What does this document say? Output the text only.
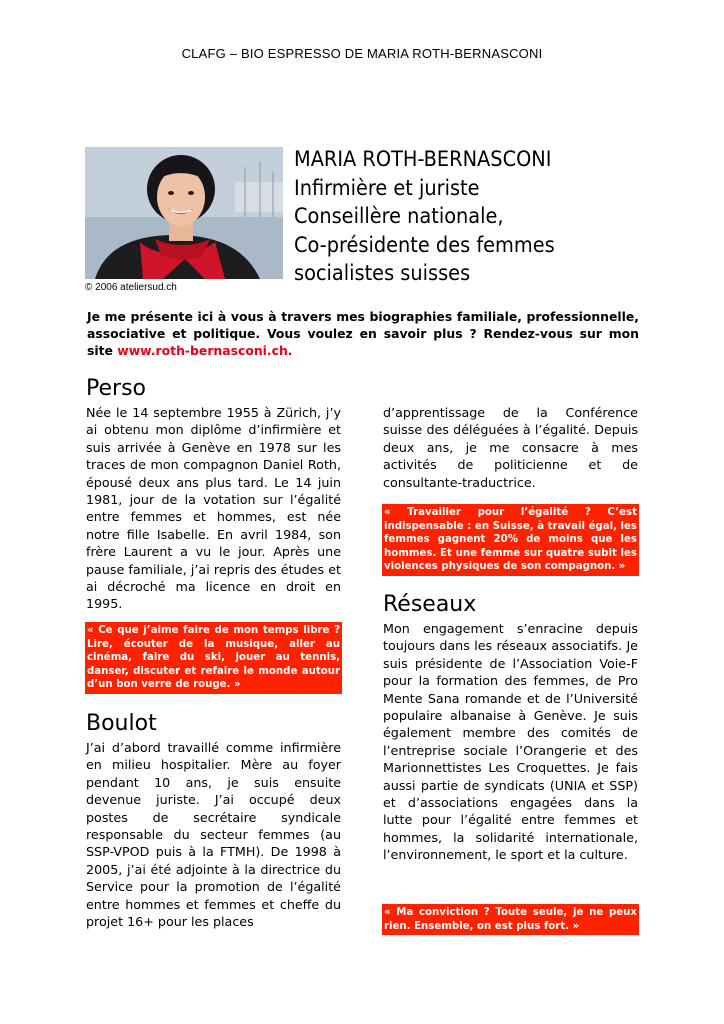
CLAFG – BIO ESPRESSO DE MARIA ROTH-BERNASCONI
© 2006 ateliersud.ch
MARIA ROTH-BERNASCONI
Infirmière et juriste
Conseillère nationale,
Co-présidente des femmes
socialistes suisses
Je me présente ici à vous à travers mes biographies familiale, professionnelle, associative et politique. Vous voulez en savoir plus ? Rendez-vous sur mon site www.roth-bernasconi.ch.
Perso
Née le 14 septembre 1955 à Zürich, j’y ai obtenu mon diplôme d’infirmière et suis arrivée à Genève en 1978 sur les traces de mon compagnon Daniel Roth, épousé deux ans plus tard. Le 14 juin 1981, jour de la votation sur l’égalité entre femmes et hommes, est née notre fille Isabelle. En avril 1984, son frère Laurent a vu le jour. Après une pause familiale, j’ai repris des études et ai décroché ma licence en droit en 1995.
« Ce que j’aime faire de mon temps libre ? Lire, écouter de la musique, aller au cinéma, faire du ski, jouer au tennis, danser, discuter et refaire le monde autour d’un bon verre de rouge. »
Boulot
J’ai d’abord travaillé comme infirmière en milieu hospitalier. Mère au foyer pendant 10 ans, je suis ensuite devenue juriste. J’ai occupé deux postes de secrétaire syndicale responsable du secteur femmes (au SSP-VPOD puis à la FTMH). De 1998 à 2005, j’ai été adjointe à la directrice du Service pour la promotion de l’égalité entre hommes et femmes et cheffe du projet 16+ pour les places
d’apprentissage de la Conférence suisse des déléguées à l’égalité. Depuis deux ans, je me consacre à mes activités de politicienne et de consultante-traductrice.
« Travailler pour l’égalité ? C’est indispensable : en Suisse, à travail égal, les femmes gagnent 20% de moins que les hommes. Et une femme sur quatre subit les violences physiques de son compagnon. »
Réseaux
Mon engagement s’enracine depuis toujours dans les réseaux associatifs. Je suis présidente de l’Association Voie-F pour la formation des femmes, de Pro Mente Sana romande et de l’Université populaire albanaise à Genève. Je suis également membre des comités de l’entreprise sociale l’Orangerie et des Marionnettistes Les Croquettes. Je fais aussi partie de syndicats (UNIA et SSP) et d’associations engagées dans la lutte pour l’égalité entre femmes et hommes, la solidarité internationale, l’environnement, le sport et la culture.
« Ma conviction ? Toute seule, je ne peux rien. Ensemble, on est plus fort. »
